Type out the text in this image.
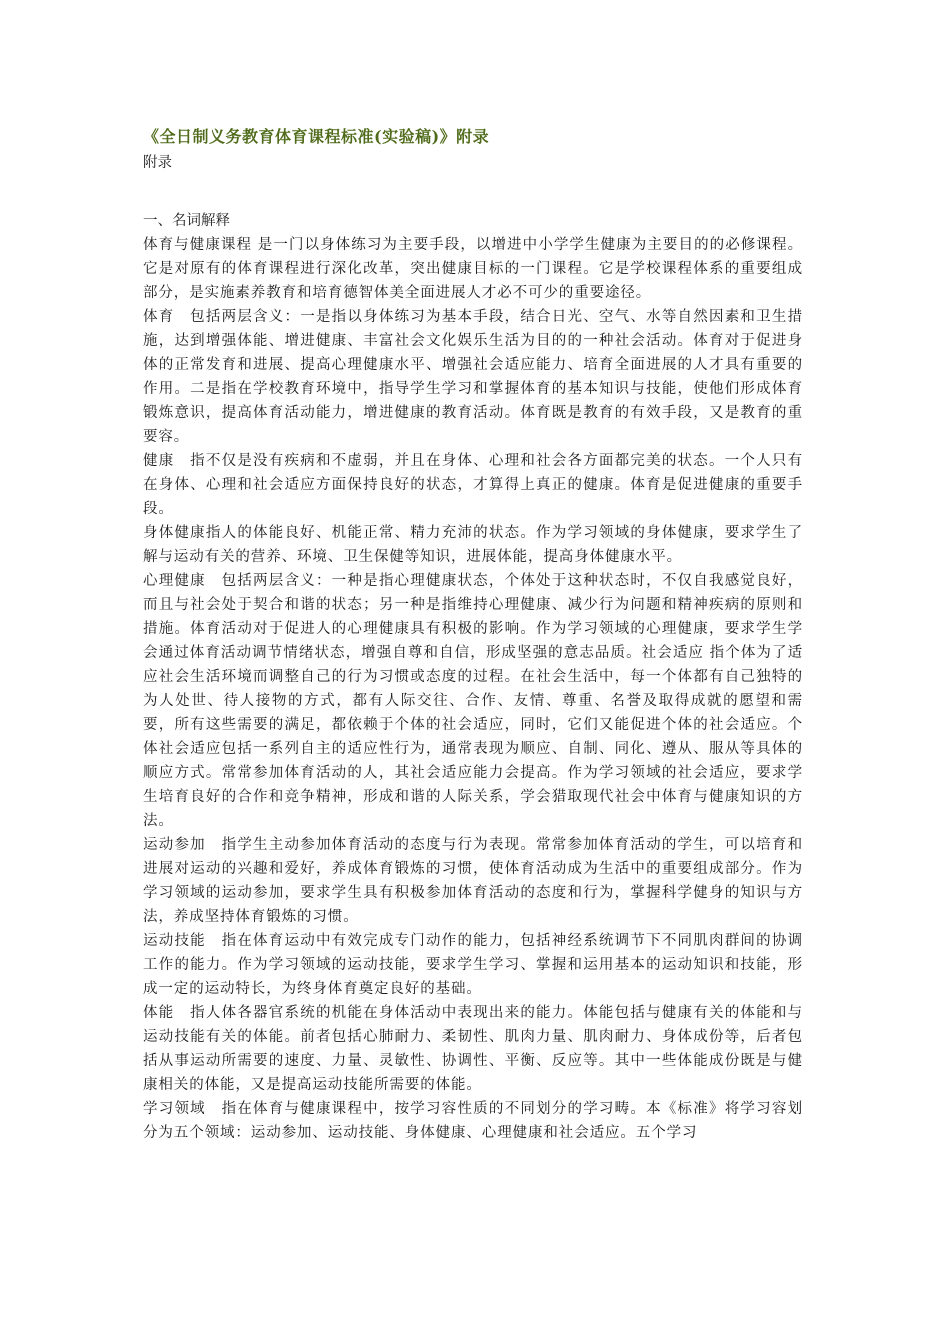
《全日制义务教育体育课程标准(实验稿)》附录

附录

一、名词解释

体育与健康课程 是一门以身体练习为主要手段，以增进中小学学生健康为主要目的的必修课程。它是对原有的体育课程进行深化改革，突出健康目标的一门课程。它是学校课程体系的重要组成部分，是实施素养教育和培育德智体美全面进展人才必不可少的重要途径。

体育　包括两层含义：一是指以身体练习为基本手段，结合日光、空气、水等自然因素和卫生措施，达到增强体能、增进健康、丰富社会文化娱乐生活为目的的一种社会活动。体育对于促进身体的正常发育和进展、提高心理健康水平、增强社会适应能力、培育全面进展的人才具有重要的作用。二是指在学校教育环境中，指导学生学习和掌握体育的基本知识与技能，使他们形成体育锻炼意识，提高体育活动能力，增进健康的教育活动。体育既是教育的有效手段，又是教育的重要容。

健康　指不仅是没有疾病和不虚弱，并且在身体、心理和社会各方面都完美的状态。一个人只有在身体、心理和社会适应方面保持良好的状态，才算得上真正的健康。体育是促进健康的重要手段。

身体健康指人的体能良好、机能正常、精力充沛的状态。作为学习领域的身体健康，要求学生了解与运动有关的营养、环境、卫生保健等知识，进展体能，提高身体健康水平。

心理健康　包括两层含义：一种是指心理健康状态，个体处于这种状态时，不仅自我感觉良好，而且与社会处于契合和谐的状态；另一种是指维持心理健康、减少行为问题和精神疾病的原则和措施。体育活动对于促进人的心理健康具有积极的影响。作为学习领域的心理健康，要求学生学会通过体育活动调节情绪状态，增强自尊和自信，形成坚强的意志品质。社会适应 指个体为了适应社会生活环境而调整自己的行为习惯或态度的过程。在社会生活中，每一个体都有自己独特的为人处世、待人接物的方式，都有人际交往、合作、友情、尊重、名誉及取得成就的愿望和需要，所有这些需要的满足，都依赖于个体的社会适应，同时，它们又能促进个体的社会适应。个体社会适应包括一系列自主的适应性行为，通常表现为顺应、自制、同化、遵从、服从等具体的顺应方式。常常参加体育活动的人，其社会适应能力会提高。作为学习领域的社会适应，要求学生培育良好的合作和竞争精神，形成和谐的人际关系，学会猎取现代社会中体育与健康知识的方法。

运动参加　指学生主动参加体育活动的态度与行为表现。常常参加体育活动的学生，可以培育和进展对运动的兴趣和爱好，养成体育锻炼的习惯，使体育活动成为生活中的重要组成部分。作为学习领域的运动参加，要求学生具有积极参加体育活动的态度和行为，掌握科学健身的知识与方法，养成坚持体育锻炼的习惯。

运动技能　指在体育运动中有效完成专门动作的能力，包括神经系统调节下不同肌肉群间的协调工作的能力。作为学习领域的运动技能，要求学生学习、掌握和运用基本的运动知识和技能，形成一定的运动特长，为终身体育奠定良好的基础。

体能　指人体各器官系统的机能在身体活动中表现出来的能力。体能包括与健康有关的体能和与运动技能有关的体能。前者包括心肺耐力、柔韧性、肌肉力量、肌肉耐力、身体成份等，后者包括从事运动所需要的速度、力量、灵敏性、协调性、平衡、反应等。其中一些体能成份既是与健康相关的体能，又是提高运动技能所需要的体能。

学习领域　指在体育与健康课程中，按学习容性质的不同划分的学习畴。本《标准》将学习容划分为五个领域：运动参加、运动技能、身体健康、心理健康和社会适应。五个学习
